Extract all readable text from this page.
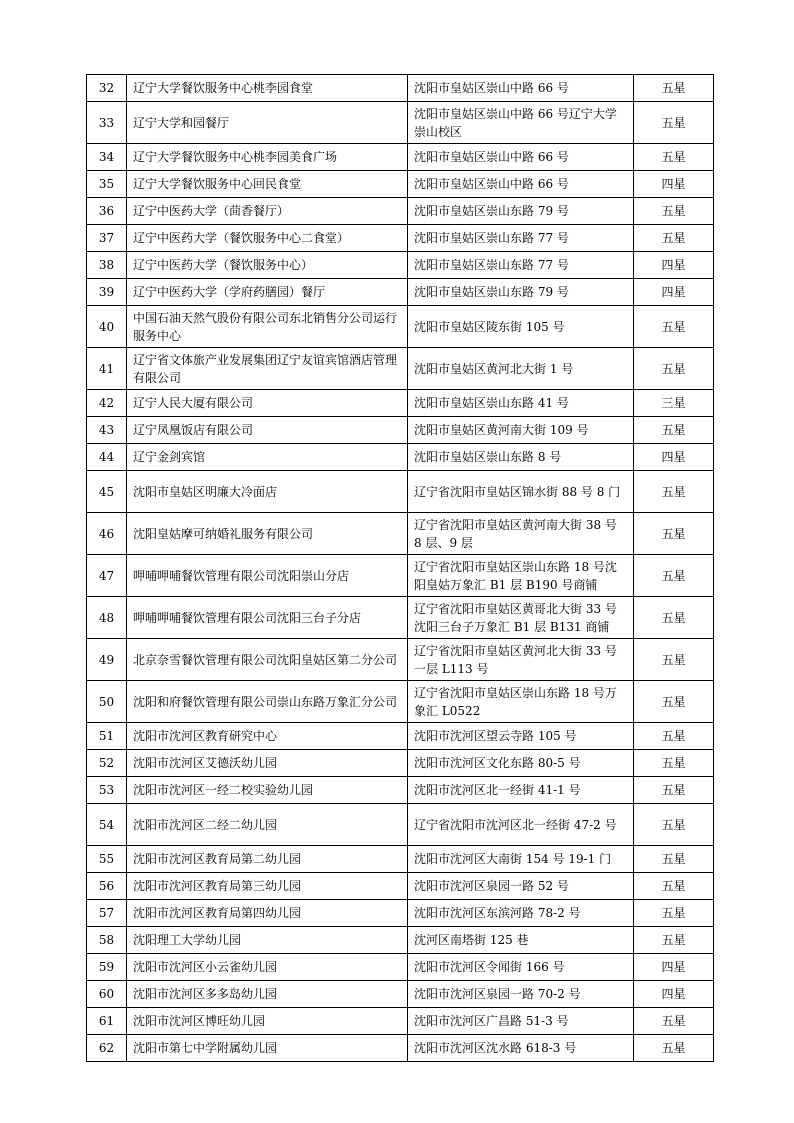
32	辽宁大学餐饮服务中心桃李园食堂	沈阳市皇姑区崇山中路 66 号	五星
33	辽宁大学和园餐厅	沈阳市皇姑区崇山中路 66 号辽宁大学崇山校区	五星
34	辽宁大学餐饮服务中心桃李园美食广场	沈阳市皇姑区崇山中路 66 号	五星
35	辽宁大学餐饮服务中心回民食堂	沈阳市皇姑区崇山中路 66 号	四星
36	辽宁中医药大学（茴香餐厅）	沈阳市皇姑区崇山东路 79 号	五星
37	辽宁中医药大学（餐饮服务中心二食堂）	沈阳市皇姑区崇山东路 77 号	五星
38	辽宁中医药大学（餐饮服务中心）	沈阳市皇姑区崇山东路 77 号	四星
39	辽宁中医药大学（学府药膳园）餐厅	沈阳市皇姑区崇山东路 79 号	四星
40	中国石油天然气股份有限公司东北销售分公司运行服务中心	沈阳市皇姑区陵东街 105 号	五星
41	辽宁省文体旅产业发展集团辽宁友谊宾馆酒店管理有限公司	沈阳市皇姑区黄河北大街 1 号	五星
42	辽宁人民大厦有限公司	沈阳市皇姑区崇山东路 41 号	三星
43	辽宁凤凰饭店有限公司	沈阳市皇姑区黄河南大街 109 号	五星
44	辽宁金剑宾馆	沈阳市皇姑区崇山东路 8 号	四星
45	沈阳市皇姑区明廉大冷面店	辽宁省沈阳市皇姑区锦水街 88 号 8 门	五星
46	沈阳皇姑摩可纳婚礼服务有限公司	辽宁省沈阳市皇姑区黄河南大街 38 号 8 层、9 层	五星
47	呷哺呷哺餐饮管理有限公司沈阳崇山分店	辽宁省沈阳市皇姑区崇山东路 18 号沈阳皇姑万象汇 B1 层 B190 号商铺	五星
48	呷哺呷哺餐饮管理有限公司沈阳三台子分店	辽宁省沈阳市皇姑区黄哥北大街 33 号沈阳三台子万象汇 B1 层 B131 商铺	五星
49	北京奈雪餐饮管理有限公司沈阳皇姑区第二分公司	辽宁省沈阳市皇姑区黄河北大街 33 号一层 L113 号	五星
50	沈阳和府餐饮管理有限公司崇山东路万象汇分公司	辽宁省沈阳市皇姑区崇山东路 18 号万象汇 L0522	五星
51	沈阳市沈河区教育研究中心	沈阳市沈河区望云寺路 105 号	五星
52	沈阳市沈河区艾德沃幼儿园	沈阳市沈河区文化东路 80-5 号	五星
53	沈阳市沈河区一经二校实验幼儿园	沈阳市沈河区北一经街 41-1 号	五星
54	沈阳市沈河区二经二幼儿园	辽宁省沈阳市沈河区北一经街 47-2 号	五星
55	沈阳市沈河区教育局第二幼儿园	沈阳市沈河区大南街 154 号 19-1 门	五星
56	沈阳市沈河区教育局第三幼儿园	沈阳市沈河区泉园一路 52 号	五星
57	沈阳市沈河区教育局第四幼儿园	沈阳市沈河区东滨河路 78-2 号	五星
58	沈阳理工大学幼儿园	沈河区南塔街 125 巷	五星
59	沈阳市沈河区小云雀幼儿园	沈阳市沈河区令闻街 166 号	四星
60	沈阳市沈河区多多岛幼儿园	沈阳市沈河区泉园一路 70-2 号	四星
61	沈阳市沈河区博旺幼儿园	沈阳市沈河区广昌路 51-3 号	五星
62	沈阳市第七中学附属幼儿园	沈阳市沈河区沈水路 618-3 号	五星
